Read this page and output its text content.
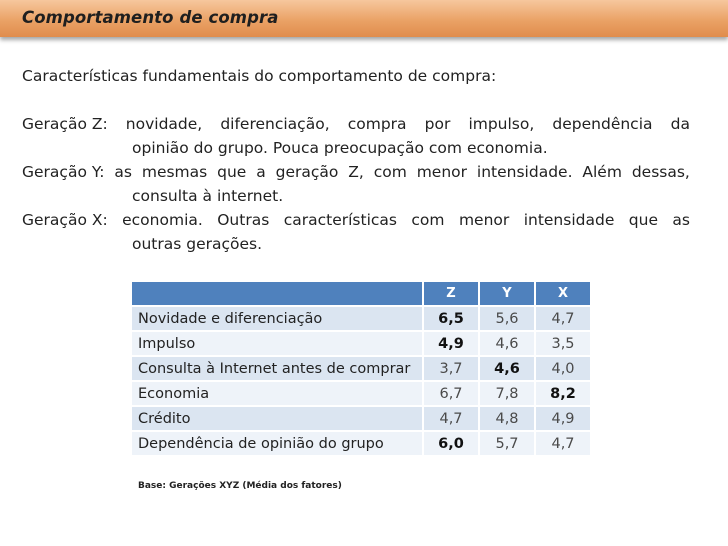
Comportamento de compra

Características fundamentais do comportamento de compra:

Geração Z: novidade, diferenciação, compra por impulso, dependência da
opinião do grupo. Pouca preocupação com economia.
Geração Y: as mesmas que a geração Z, com menor intensidade. Além dessas,
consulta à internet.
Geração X: economia. Outras características com menor intensidade que as
outras gerações.
	Z	Y	X
Novidade e diferenciação	6,5	5,6	4,7
Impulso	4,9	4,6	3,5
Consulta à Internet antes de comprar	3,7	4,6	4,0
Economia	6,7	7,8	8,2
Crédito	4,7	4,8	4,9
Dependência de opinião do grupo	6,0	5,7	4,7
Base: Gerações XYZ (Média dos fatores)
